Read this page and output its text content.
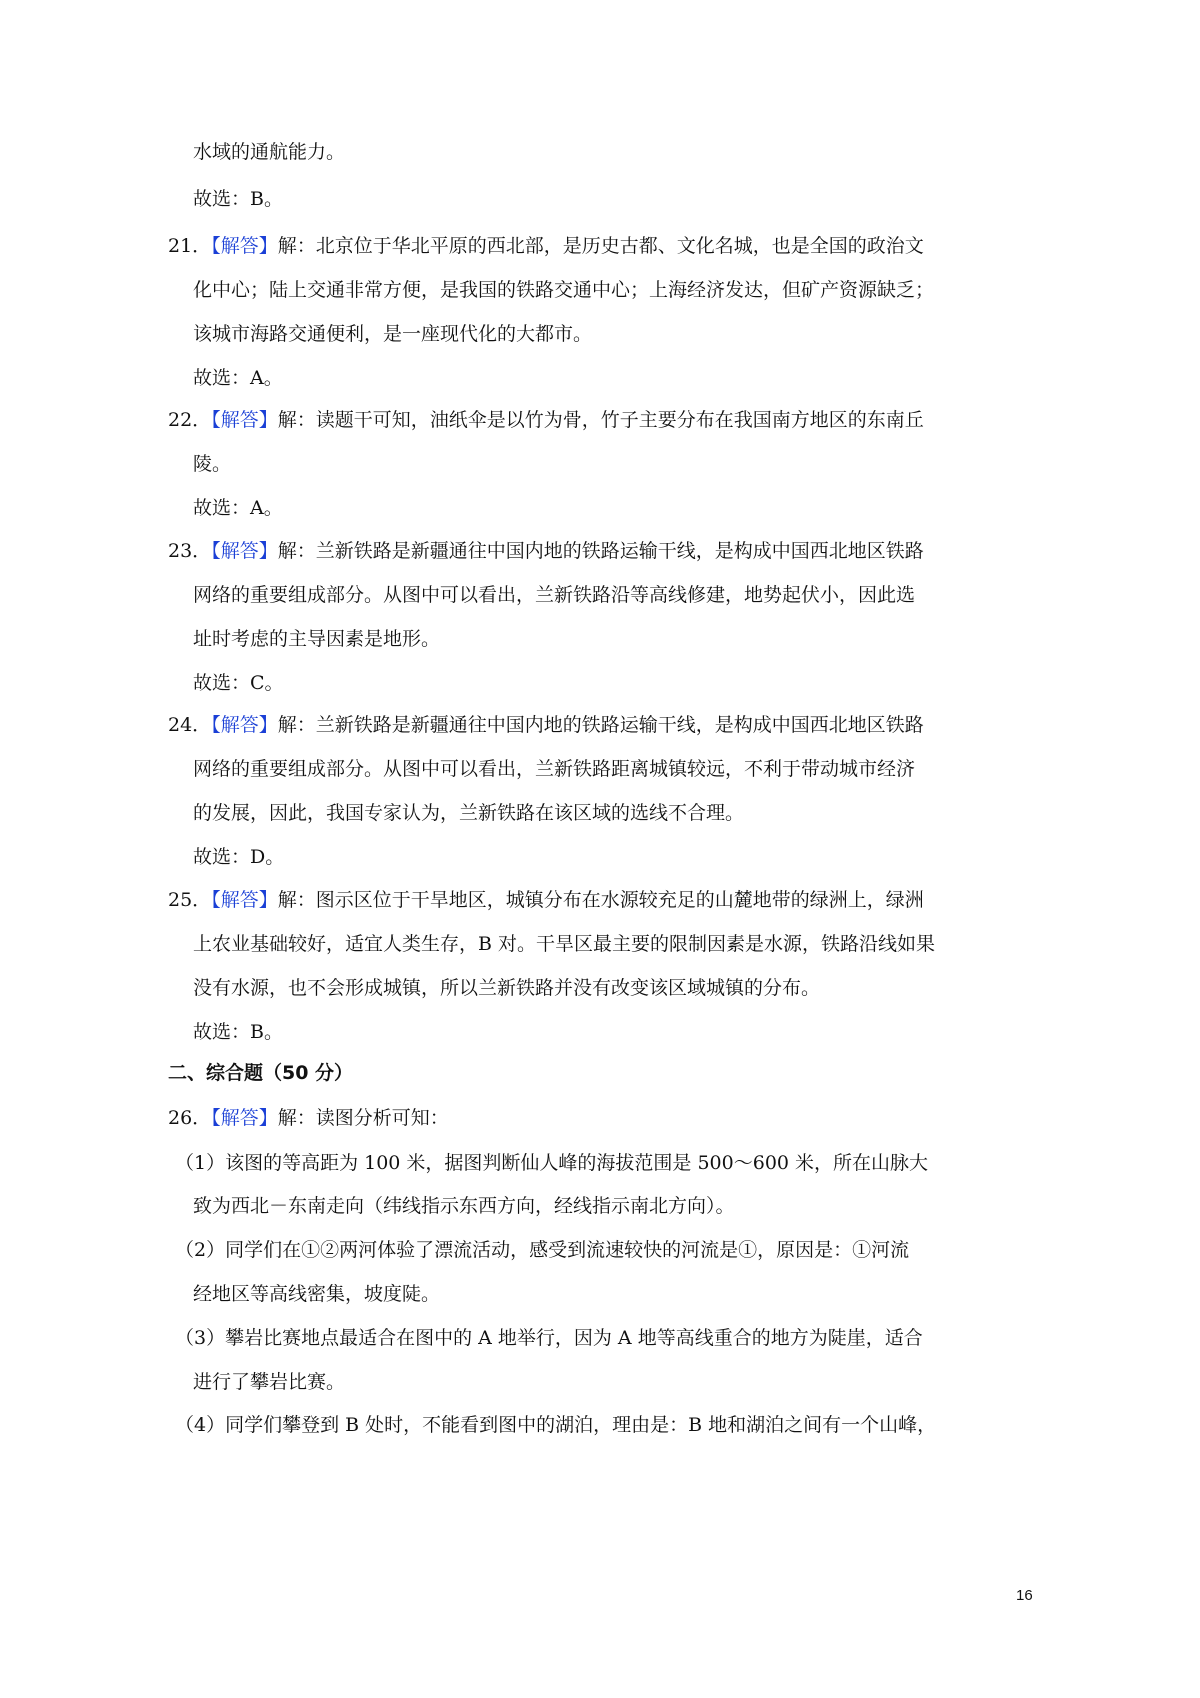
水域的通航能力。
故选：B。
21．【解答】解：北京位于华北平原的西北部，是历史古都、文化名城，也是全国的政治文
化中心；陆上交通非常方便，是我国的铁路交通中心；上海经济发达，但矿产资源缺乏；
该城市海路交通便利，是一座现代化的大都市。
故选：A。
22．【解答】解：读题干可知，油纸伞是以竹为骨，竹子主要分布在我国南方地区的东南丘
陵。
故选：A。
23．【解答】解：兰新铁路是新疆通往中国内地的铁路运输干线，是构成中国西北地区铁路
网络的重要组成部分。从图中可以看出，兰新铁路沿等高线修建，地势起伏小，因此选
址时考虑的主导因素是地形。
故选：C。
24．【解答】解：兰新铁路是新疆通往中国内地的铁路运输干线，是构成中国西北地区铁路
网络的重要组成部分。从图中可以看出，兰新铁路距离城镇较远，不利于带动城市经济
的发展，因此，我国专家认为，兰新铁路在该区域的选线不合理。
故选：D。
25．【解答】解：图示区位于干旱地区，城镇分布在水源较充足的山麓地带的绿洲上，绿洲
上农业基础较好，适宜人类生存，B 对。干旱区最主要的限制因素是水源，铁路沿线如果
没有水源，也不会形成城镇，所以兰新铁路并没有改变该区域城镇的分布。
故选：B。
二、综合题（50 分）
26．【解答】解：读图分析可知：
（1）该图的等高距为 100 米，据图判断仙人峰的海拔范围是 500～600 米，所在山脉大
致为西北－东南走向（纬线指示东西方向，经线指示南北方向）。
（2）同学们在①②两河体验了漂流活动，感受到流速较快的河流是①，原因是：①河流
经地区等高线密集，坡度陡。
（3）攀岩比赛地点最适合在图中的 A 地举行，因为 A 地等高线重合的地方为陡崖，适合
进行了攀岩比赛。
（4）同学们攀登到 B 处时，不能看到图中的湖泊，理由是：B 地和湖泊之间有一个山峰，
16
